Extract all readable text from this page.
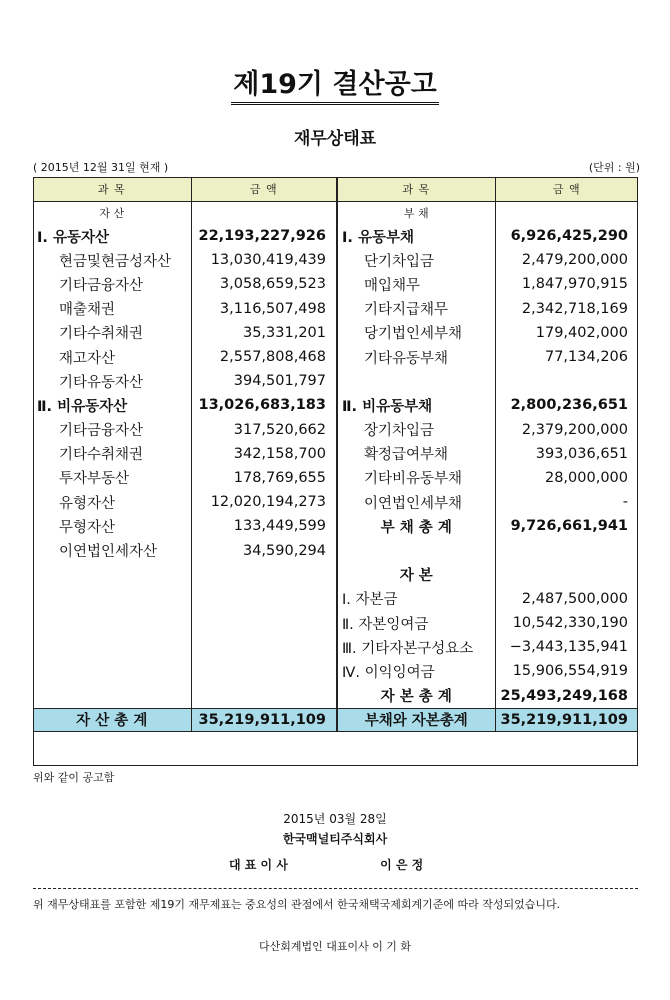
제19기 결산공고
재무상태표
( 2015년 12월 31일 현재 )	(단위 : 원)
과 목	금 액	과 목	금 액
자 산		부 채	
Ⅰ. 유동자산	22,193,227,926	Ⅰ. 유동부채	6,926,425,290
현금및현금성자산	13,030,419,439	단기차입금	2,479,200,000
기타금융자산	3,058,659,523	매입채무	1,847,970,915
매출채권	3,116,507,498	기타지급채무	2,342,718,169
기타수취채권	35,331,201	당기법인세부채	179,402,000
재고자산	2,557,808,468	기타유동부채	77,134,206
기타유동자산	394,501,797		
Ⅱ. 비유동자산	13,026,683,183	Ⅱ. 비유동부채	2,800,236,651
기타금융자산	317,520,662	장기차입금	2,379,200,000
기타수취채권	342,158,700	확정급여부채	393,036,651
투자부동산	178,769,655	기타비유동부채	28,000,000
유형자산	12,020,194,273	이연법인세부채	-
무형자산	133,449,599	부 채 총 계	9,726,661,941
이연법인세자산	34,590,294		
		자 본	
		Ⅰ. 자본금	2,487,500,000
		Ⅱ. 자본잉여금	10,542,330,190
		Ⅲ. 기타자본구성요소	−3,443,135,941
		Ⅳ. 이익잉여금	15,906,554,919
		자 본 총 계	25,493,249,168
자 산 총 계	35,219,911,109	부채와 자본총계	35,219,911,109
위와 같이 공고함
2015년 03월 28일
한국맥널티주식회사
대 표 이 사	이 은 정
위 재무상태표를 포함한 제19기 재무제표는 중요성의 관점에서 한국채택국제회계기준에 따라 작성되었습니다.
다산회계법인 대표이사 이 기 화
